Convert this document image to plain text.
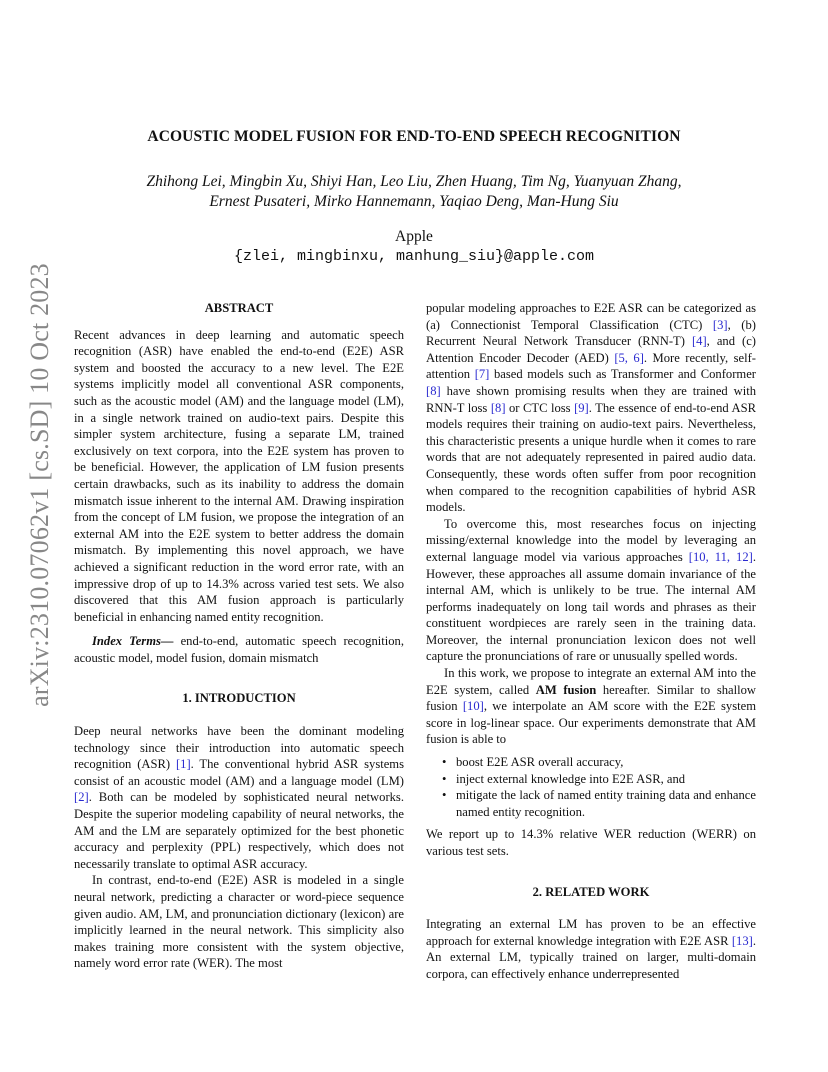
arXiv:2310.07062v1 [cs.SD] 10 Oct 2023
ACOUSTIC MODEL FUSION FOR END-TO-END SPEECH RECOGNITION
Zhihong Lei, Mingbin Xu, Shiyi Han, Leo Liu, Zhen Huang, Tim Ng, Yuanyuan Zhang,
Ernest Pusateri, Mirko Hannemann, Yaqiao Deng, Man-Hung Siu
Apple
{zlei, mingbinxu, manhung_siu}@apple.com

ABSTRACT

Recent advances in deep learning and automatic speech recognition (ASR) have enabled the end-to-end (E2E) ASR system and boosted the accuracy to a new level. The E2E systems implicitly model all conventional ASR components, such as the acoustic model (AM) and the language model (LM), in a single network trained on audio-text pairs. Despite this simpler system architecture, fusing a separate LM, trained exclusively on text corpora, into the E2E system has proven to be beneficial. However, the application of LM fusion presents certain drawbacks, such as its inability to address the domain mismatch issue inherent to the internal AM. Drawing inspiration from the concept of LM fusion, we propose the integration of an external AM into the E2E system to better address the domain mismatch. By implementing this novel approach, we have achieved a significant reduction in the word error rate, with an impressive drop of up to 14.3% across varied test sets. We also discovered that this AM fusion approach is particularly beneficial in enhancing named entity recognition.

Index Terms— end-to-end, automatic speech recognition, acoustic model, model fusion, domain mismatch

1. INTRODUCTION

Deep neural networks have been the dominant modeling technology since their introduction into automatic speech recognition (ASR) [1]. The conventional hybrid ASR systems consist of an acoustic model (AM) and a language model (LM) [2]. Both can be modeled by sophisticated neural networks. Despite the superior modeling capability of neural networks, the AM and the LM are separately optimized for the best phonetic accuracy and perplexity (PPL) respectively, which does not necessarily translate to optimal ASR accuracy.

In contrast, end-to-end (E2E) ASR is modeled in a single neural network, predicting a character or word-piece sequence given audio. AM, LM, and pronunciation dictionary (lexicon) are implicitly learned in the neural network. This simplicity also makes training more consistent with the system objective, namely word error rate (WER). The most

popular modeling approaches to E2E ASR can be categorized as (a) Connectionist Temporal Classification (CTC) [3], (b) Recurrent Neural Network Transducer (RNN-T) [4], and (c) Attention Encoder Decoder (AED) [5, 6]. More recently, self-attention [7] based models such as Transformer and Conformer [8] have shown promising results when they are trained with RNN-T loss [8] or CTC loss [9]. The essence of end-to-end ASR models requires their training on audio-text pairs. Nevertheless, this characteristic presents a unique hurdle when it comes to rare words that are not adequately represented in paired audio data. Consequently, these words often suffer from poor recognition when compared to the recognition capabilities of hybrid ASR models.

To overcome this, most researches focus on injecting missing/external knowledge into the model by leveraging an external language model via various approaches [10, 11, 12]. However, these approaches all assume domain invariance of the internal AM, which is unlikely to be true. The internal AM performs inadequately on long tail words and phrases as their constituent wordpieces are rarely seen in the training data. Moreover, the internal pronunciation lexicon does not well capture the pronunciations of rare or unusually spelled words.

In this work, we propose to integrate an external AM into the E2E system, called AM fusion hereafter. Similar to shallow fusion [10], we interpolate an AM score with the E2E system score in log-linear space. Our experiments demonstrate that AM fusion is able to

• boost E2E ASR overall accuracy,
• inject external knowledge into E2E ASR, and
• mitigate the lack of named entity training data and enhance named entity recognition.

We report up to 14.3% relative WER reduction (WERR) on various test sets.

2. RELATED WORK

Integrating an external LM has proven to be an effective approach for external knowledge integration with E2E ASR [13]. An external LM, typically trained on larger, multi-domain corpora, can effectively enhance underrepresented
